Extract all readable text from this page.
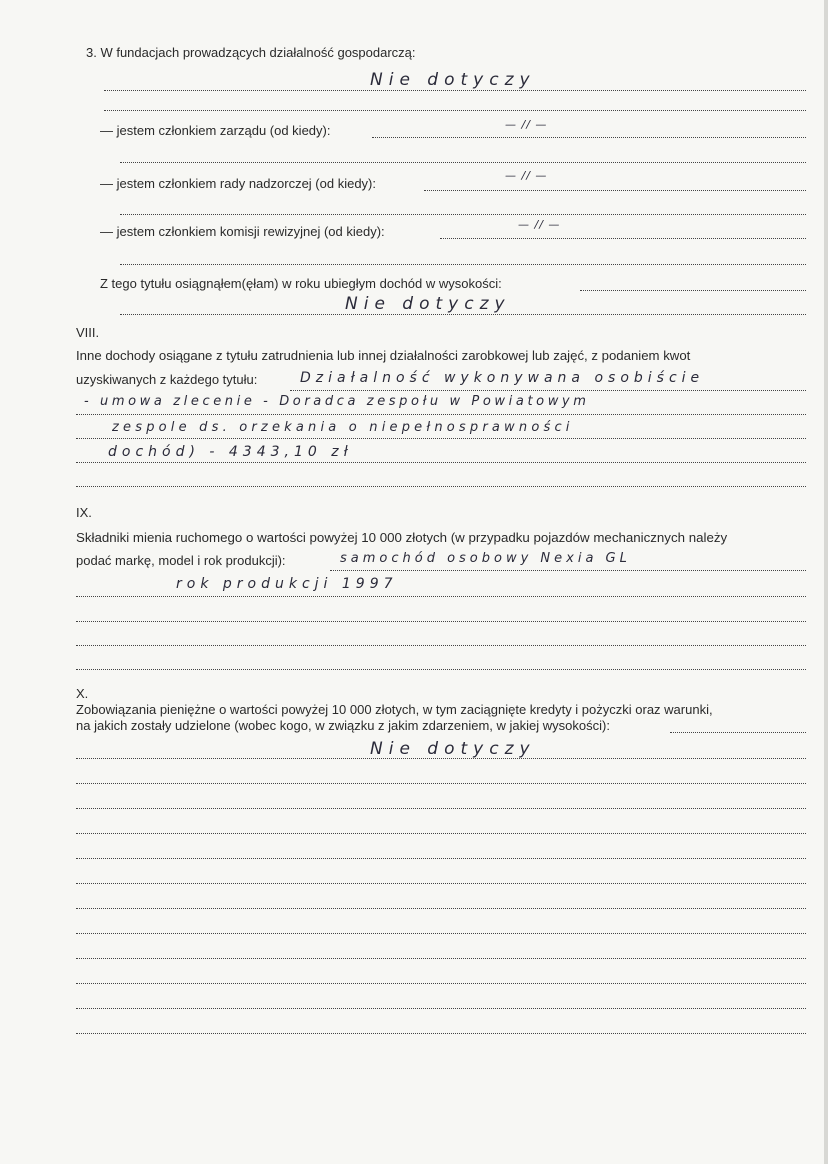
3. W fundacjach prowadzących działalność gospodarczą:
Nie dotyczy
— jestem członkiem zarządu (od kiedy):	— // —
— jestem członkiem rady nadzorczej (od kiedy):
— // —
— jestem członkiem komisji rewizyjnej (od kiedy):	— // —
Z tego tytułu osiągnąłem(ęłam) w roku ubiegłym dochód w wysokości:
Nie dotyczy
VIII.
Inne dochody osiągane z tytułu zatrudnienia lub innej działalności zarobkowej lub zajęć, z podaniem kwot
uzyskiwanych z każdego tytułu:	Działalność wykonywana osobiście
- umowa zlecenie - Doradca zespołu w Powiatowym
zespole ds. orzekania o niepełnosprawności
dochód) - 4343,10 zł
IX.
Składniki mienia ruchomego o wartości powyżej 10 000 złotych (w przypadku pojazdów mechanicznych należy
podać markę, model i rok produkcji):	samochód osobowy Nexia GL
rok produkcji 1997
X.
Zobowiązania pieniężne o wartości powyżej 10 000 złotych, w tym zaciągnięte kredyty i pożyczki oraz warunki,
na jakich zostały udzielone (wobec kogo, w związku z jakim zdarzeniem, w jakiej wysokości):
Nie dotyczy
